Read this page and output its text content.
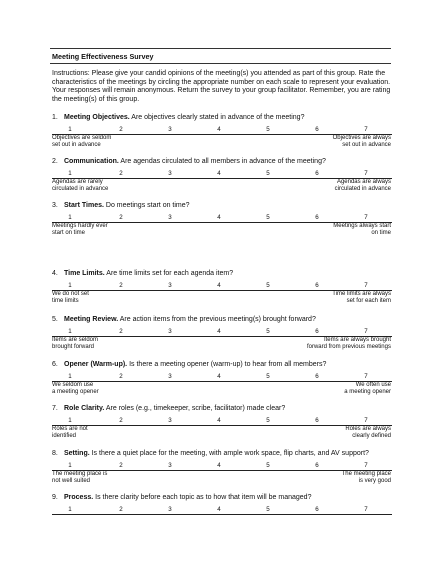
Meeting Effectiveness Survey
Instructions: Please give your candid opinions of the meeting(s) you attended as part of this group. Rate the characteristics of the meetings by circling the appropriate number on each scale to represent your evaluation. Your responses will remain anonymous. Return the survey to your group facilitator. Remember, you are rating the meeting(s) of this group.
1. Meeting Objectives. Are objectives clearly stated in advance of the meeting?
1	2	3	4	5	6	7
Objectives are seldom
set out in advance
Objectives are always
set out in advance
2. Communication. Are agendas circulated to all members in advance of the meeting?
1	2	3	4	5	6	7
Agendas are rarely
circulated in advance
Agendas are always
circulated in advance
3. Start Times. Do meetings start on time?
1	2	3	4	5	6	7
Meetings hardly ever
start on time
Meetings always start
on time
4. Time Limits. Are time limits set for each agenda item?
1	2	3	4	5	6	7
We do not set
time limits
Time limits are always
set for each item
5. Meeting Review. Are action items from the previous meeting(s) brought forward?
1	2	3	4	5	6	7
Items are seldom
brought forward
Items are always brought
forward from previous meetings
6. Opener (Warm-up). Is there a meeting opener (warm-up) to hear from all members?
1	2	3	4	5	6	7
We seldom use
a meeting opener
We often use
a meeting opener
7. Role Clarity. Are roles (e.g., timekeeper, scribe, facilitator) made clear?
1	2	3	4	5	6	7
Roles are not
identified
Roles are always
clearly defined
8. Setting. Is there a quiet place for the meeting, with ample work space, flip charts, and AV support?
1	2	3	4	5	6	7
The meeting place is
not well suited
The meeting place
is very good
9. Process. Is there clarity before each topic as to how that item will be managed?
1	2	3	4	5	6	7
